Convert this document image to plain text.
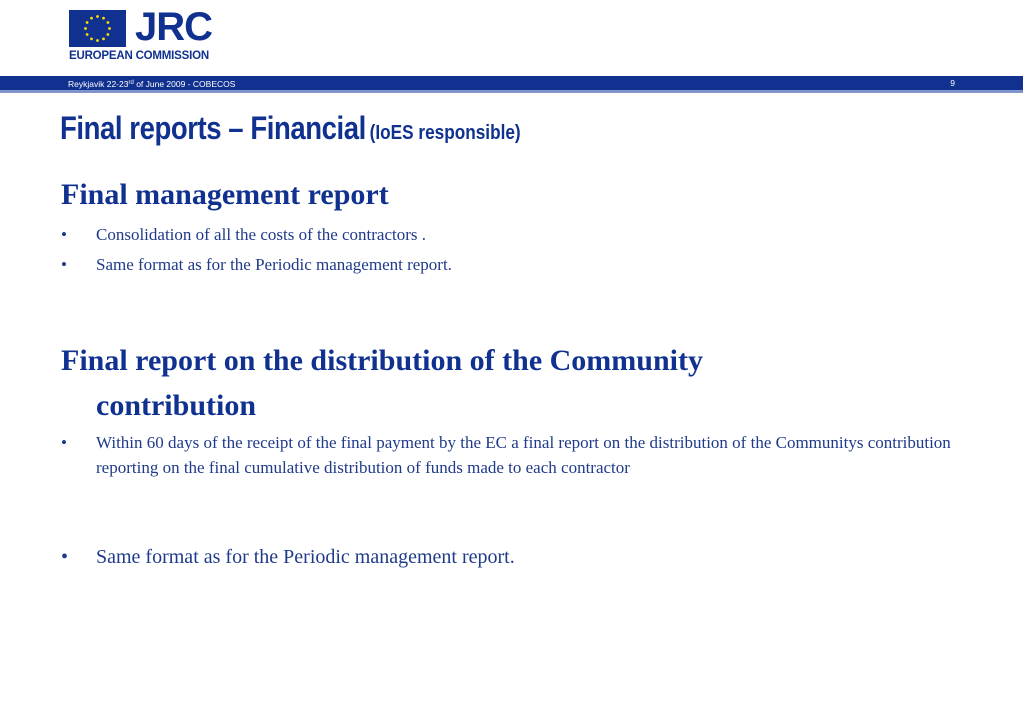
JRC
EUROPEAN COMMISSION
Reykjavik 22-23rd of June 2009 - COBECOS	9
Final reports – Financial (IoES responsible)
Final management report
•	Consolidation of all the costs of the contractors .
•	Same format as for the Periodic management report.
Final report on the distribution of the Community
contribution
•	Within 60 days of the receipt of the final payment by the EC a final report on the distribution of the Communitys contribution reporting on the final cumulative distribution of funds made to each contractor
•	Same format as for the Periodic management report.
